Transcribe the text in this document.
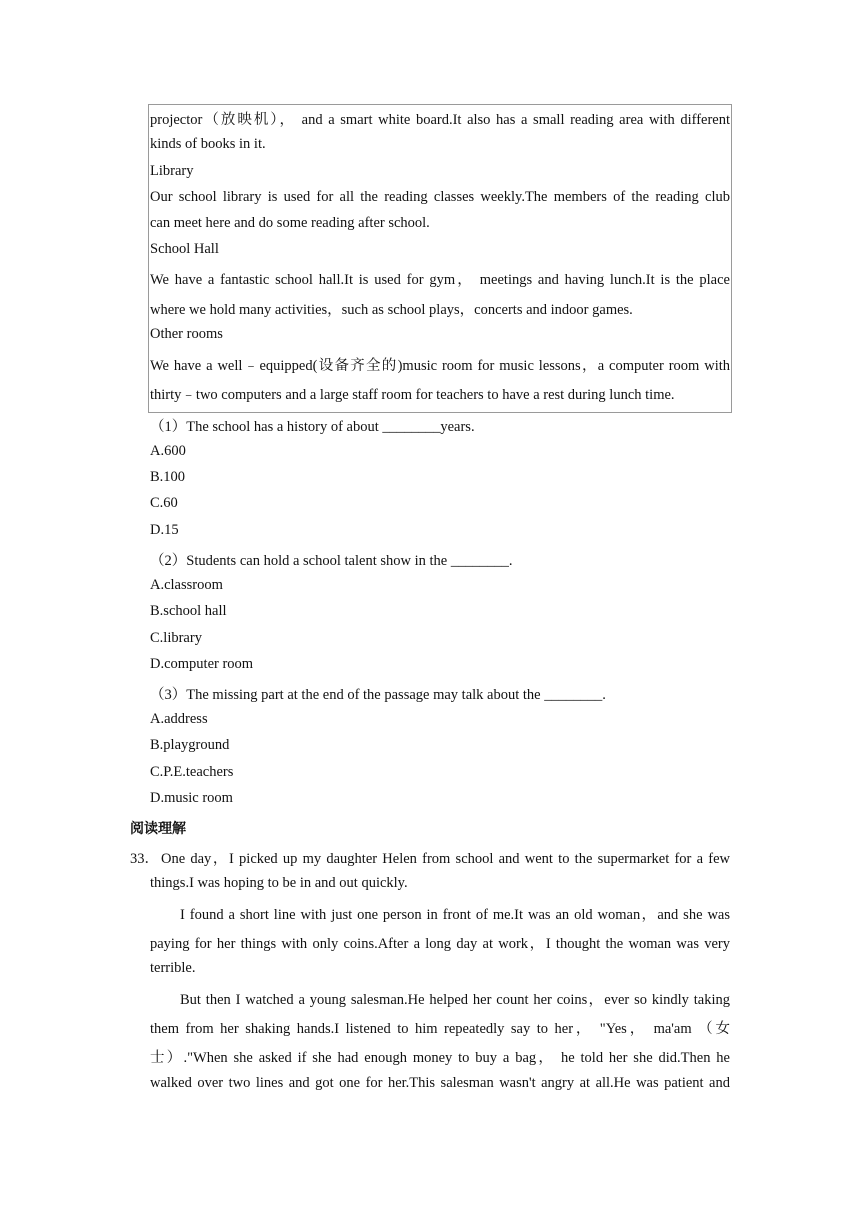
projector（放映机）， and a smart white board.It also has a small reading area with different
kinds of books in it.
Library
Our school library is used for all the reading classes weekly.The members of the reading club
can meet here and do some reading after school.
School Hall
We have a fantastic school hall.It is used for gym， meetings and having lunch.It is the place
where we hold many activities，such as school plays，concerts and indoor games.
Other rooms
We have a well﹣equipped(设备齐全的)music room for music lessons，a computer room with
thirty﹣two computers and a large staff room for teachers to have a rest during lunch time.
（1）The school has a history of about ________years.
A.600
B.100
C.60
D.15
（2）Students can hold a school talent show in the ________.
A.classroom
B.school hall
C.library
D.computer room
（3）The missing part at the end of the passage may talk about the ________.
A.address
B.playground
C.P.E.teachers
D.music room
阅读理解
33． One day，I picked up my daughter Helen from school and went to the supermarket for a few
things.I was hoping to be in and out quickly.
I found a short line with just one person in front of me.It was an old woman，and she was
paying for her things with only coins.After a long day at work，I thought the woman was very
terrible.
But then I watched a young salesman.He helped her count her coins，ever so kindly taking
them from her shaking hands.I listened to him repeatedly say to her， "Yes， ma'am （女
士）."When she asked if she had enough money to buy a bag， he told her she did.Then he
walked over two lines and got one for her.This salesman wasn't angry at all.He was patient and
